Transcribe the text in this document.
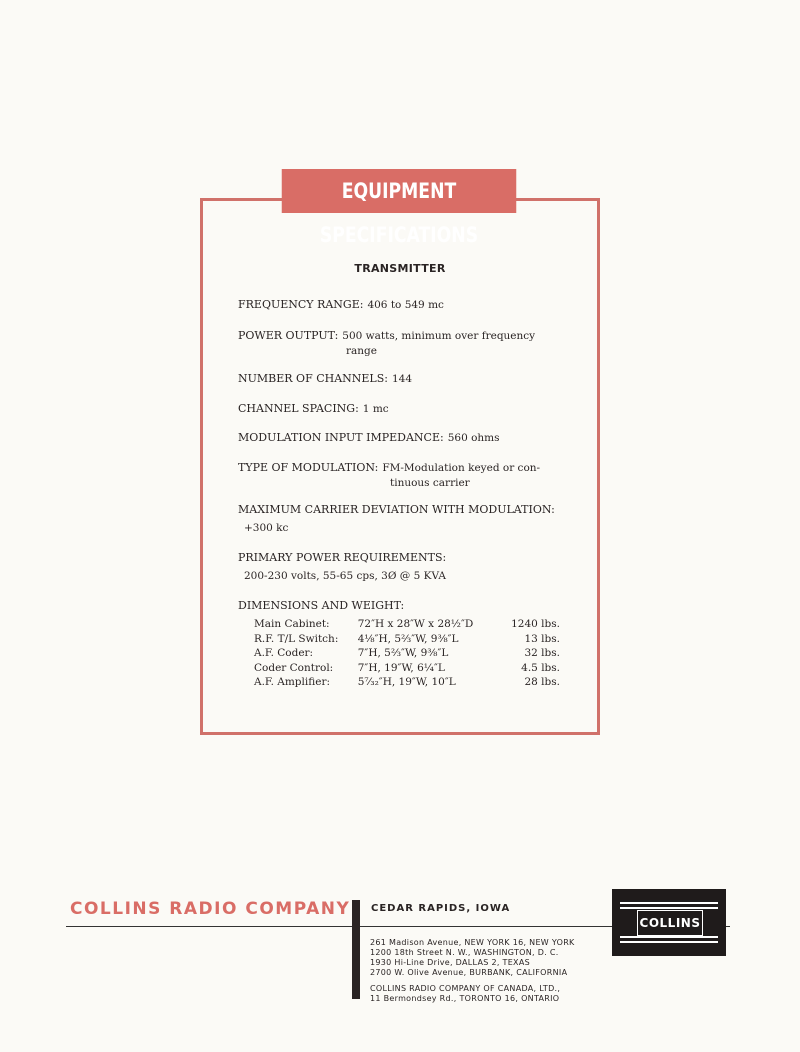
EQUIPMENT SPECIFICATIONS
TRANSMITTER
FREQUENCY RANGE: 406 to 549 mc
POWER OUTPUT: 500 watts, minimum over frequency
range
NUMBER OF CHANNELS: 144
CHANNEL SPACING: 1 mc
MODULATION INPUT IMPEDANCE: 560 ohms
TYPE OF MODULATION: FM-Modulation keyed or con-
tinuous carrier
MAXIMUM CARRIER DEVIATION WITH MODULATION:
+300 kc
PRIMARY POWER REQUIREMENTS:
200-230 volts, 55-65 cps, 3Ø @ 5 KVA
DIMENSIONS AND WEIGHT:
Main Cabinet:	72″H x 28″W x 28½″D	1240 lbs.
R.F. T/L Switch:	4⅛″H, 5⅔″W, 9⅜″L	13 lbs.
A.F. Coder:	7″H, 5⅔″W, 9⅜″L	32 lbs.
Coder Control:	7″H, 19″W, 6¼″L	4.5 lbs.
A.F. Amplifier:	5⁷⁄₃₂″H, 19″W, 10″L	28 lbs.
COLLINS RADIO COMPANY CEDAR RAPIDS, IOWA
261 Madison Avenue, NEW YORK 16, NEW YORK
1200 18th Street N. W., WASHINGTON, D. C.
1930 Hi-Line Drive, DALLAS 2, TEXAS
2700 W. Olive Avenue, BURBANK, CALIFORNIA
COLLINS RADIO COMPANY OF CANADA, LTD.,
11 Bermondsey Rd., TORONTO 16, ONTARIO
COLLINS
